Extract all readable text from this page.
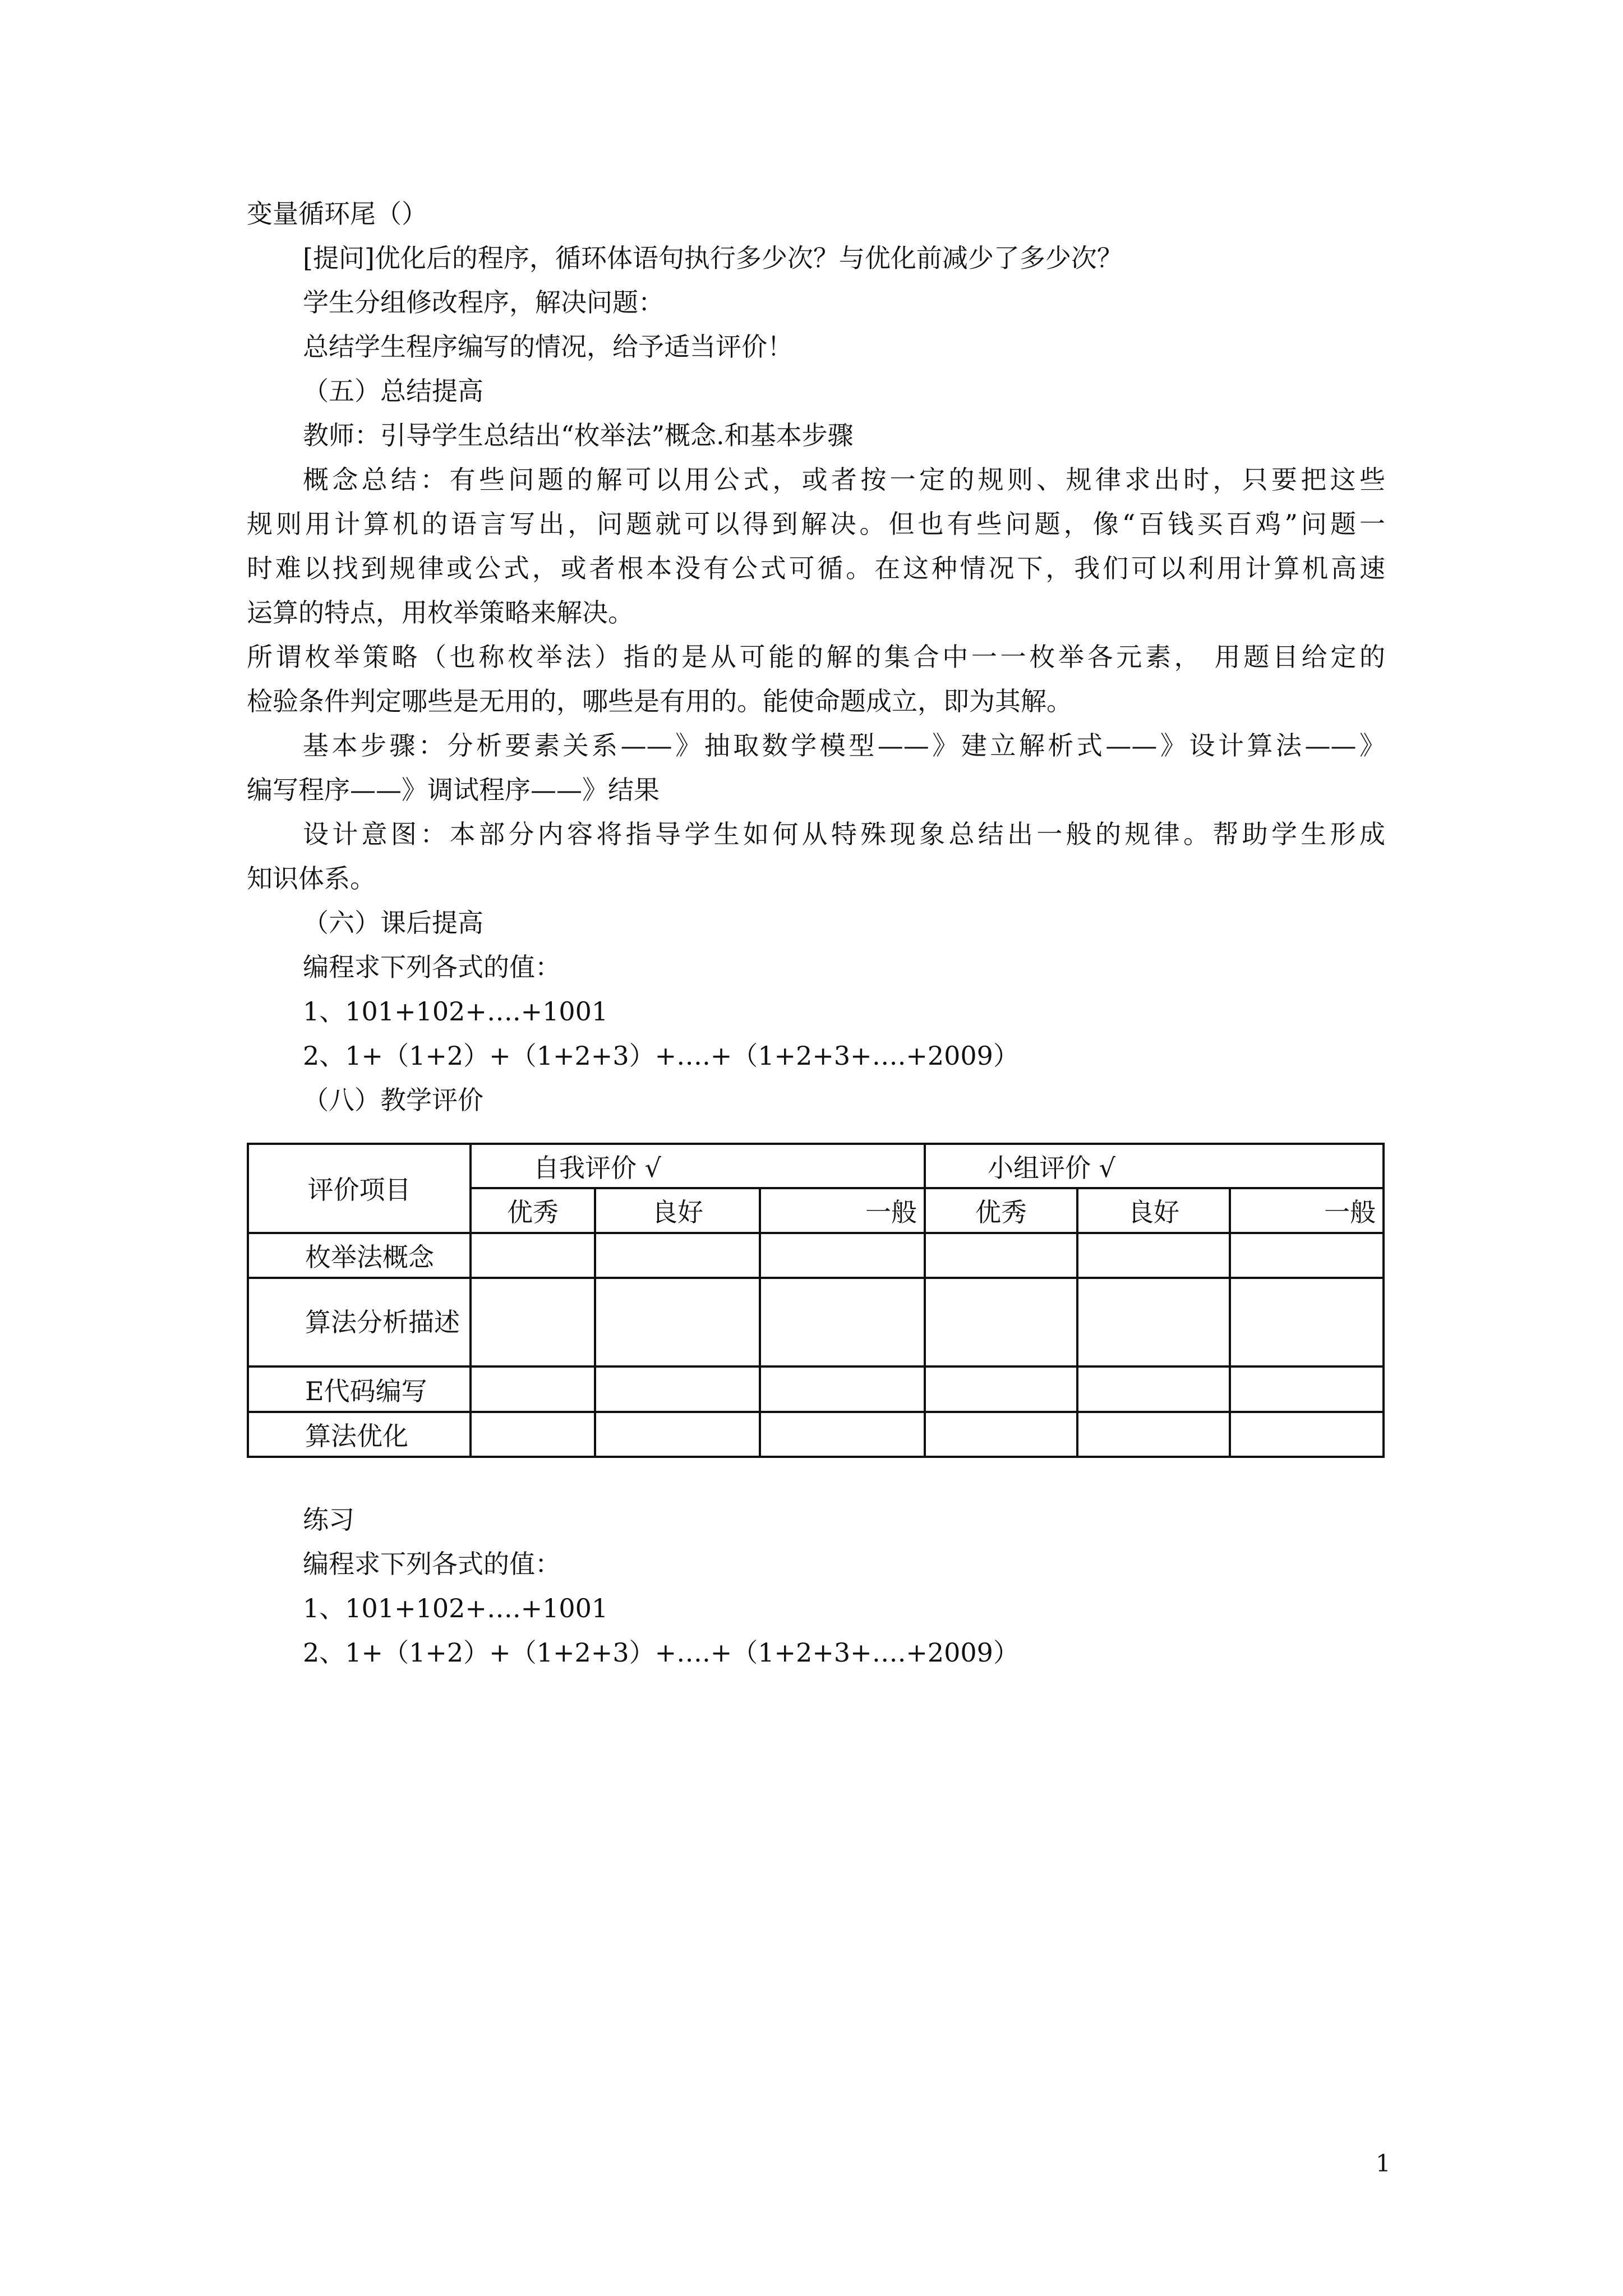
变量循环尾（）
[提问]优化后的程序，循环体语句执行多少次？与优化前减少了多少次？
学生分组修改程序，解决问题：
总结学生程序编写的情况，给予适当评价！
（五）总结提高
教师：引导学生总结出“枚举法”概念.和基本步骤
概念总结：有些问题的解可以用公式，或者按一定的规则、规律求出时，只要把这些
规则用计算机的语言写出，问题就可以得到解决。但也有些问题，像“百钱买百鸡”问题一
时难以找到规律或公式，或者根本没有公式可循。在这种情况下，我们可以利用计算机高速
运算的特点，用枚举策略来解决。
所谓枚举策略（也称枚举法）指的是从可能的解的集合中一一枚举各元素， 用题目给定的
检验条件判定哪些是无用的，哪些是有用的。能使命题成立，即为其解。
基本步骤：分析要素关系——》抽取数学模型——》建立解析式——》设计算法——》
编写程序——》调试程序——》结果
设计意图：本部分内容将指导学生如何从特殊现象总结出一般的规律。帮助学生形成
知识体系。
（六）课后提高
编程求下列各式的值：
1、101+102+….+1001
2、1+（1+2）+（1+2+3）+….+（1+2+3+….+2009）
（八）教学评价
评价项目	自我评价 √			小组评价 √		
	优秀	良好	一般	优秀	良好	一般
枚举法概念						
算法分析描述						
E代码编写						
算法优化						
练习
编程求下列各式的值：
1、101+102+….+1001
2、1+（1+2）+（1+2+3）+….+（1+2+3+….+2009）
1
